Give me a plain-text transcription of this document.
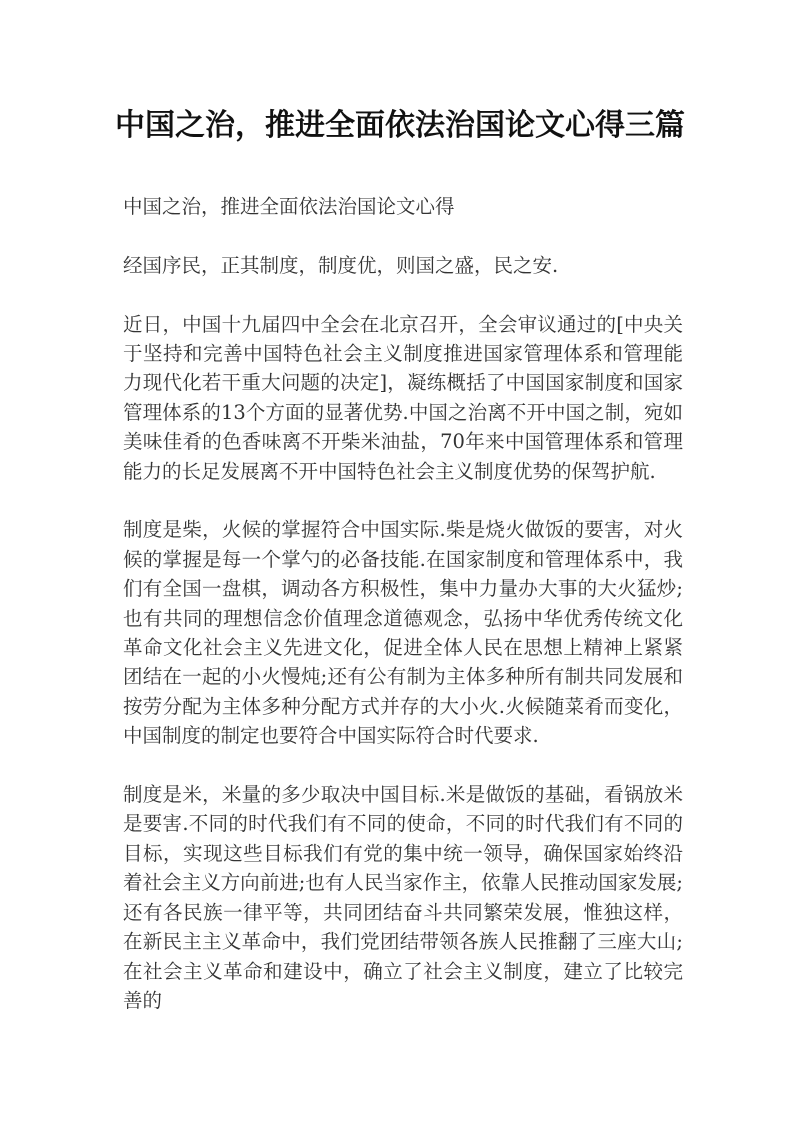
中国之治，推进全面依法治国论文心得三篇

中国之治，推进全面依法治国论文心得

经国序民，正其制度，制度优，则国之盛，民之安.

近日，中国十九届四中全会在北京召开，全会审议通过的[中央关于坚持和完善中国特色社会主义制度推进国家管理体系和管理能力现代化若干重大问题的决定]，凝练概括了中国国家制度和国家管理体系的13个方面的显著优势.中国之治离不开中国之制，宛如美味佳肴的色香味离不开柴米油盐，70年来中国管理体系和管理能力的长足发展离不开中国特色社会主义制度优势的保驾护航.

制度是柴，火候的掌握符合中国实际.柴是烧火做饭的要害，对火候的掌握是每一个掌勺的必备技能.在国家制度和管理体系中，我们有全国一盘棋，调动各方积极性，集中力量办大事的大火猛炒;也有共同的理想信念价值理念道德观念，弘扬中华优秀传统文化革命文化社会主义先进文化，促进全体人民在思想上精神上紧紧团结在一起的小火慢炖;还有公有制为主体多种所有制共同发展和按劳分配为主体多种分配方式并存的大小火.火候随菜肴而变化，中国制度的制定也要符合中国实际符合时代要求.

制度是米，米量的多少取决中国目标.米是做饭的基础，看锅放米是要害.不同的时代我们有不同的使命，不同的时代我们有不同的目标，实现这些目标我们有党的集中统一领导，确保国家始终沿着社会主义方向前进;也有人民当家作主，依靠人民推动国家发展;还有各民族一律平等，共同团结奋斗共同繁荣发展，惟独这样，在新民主主义革命中，我们党团结带领各族人民推翻了三座大山;在社会主义革命和建设中，确立了社会主义制度，建立了比较完善的
